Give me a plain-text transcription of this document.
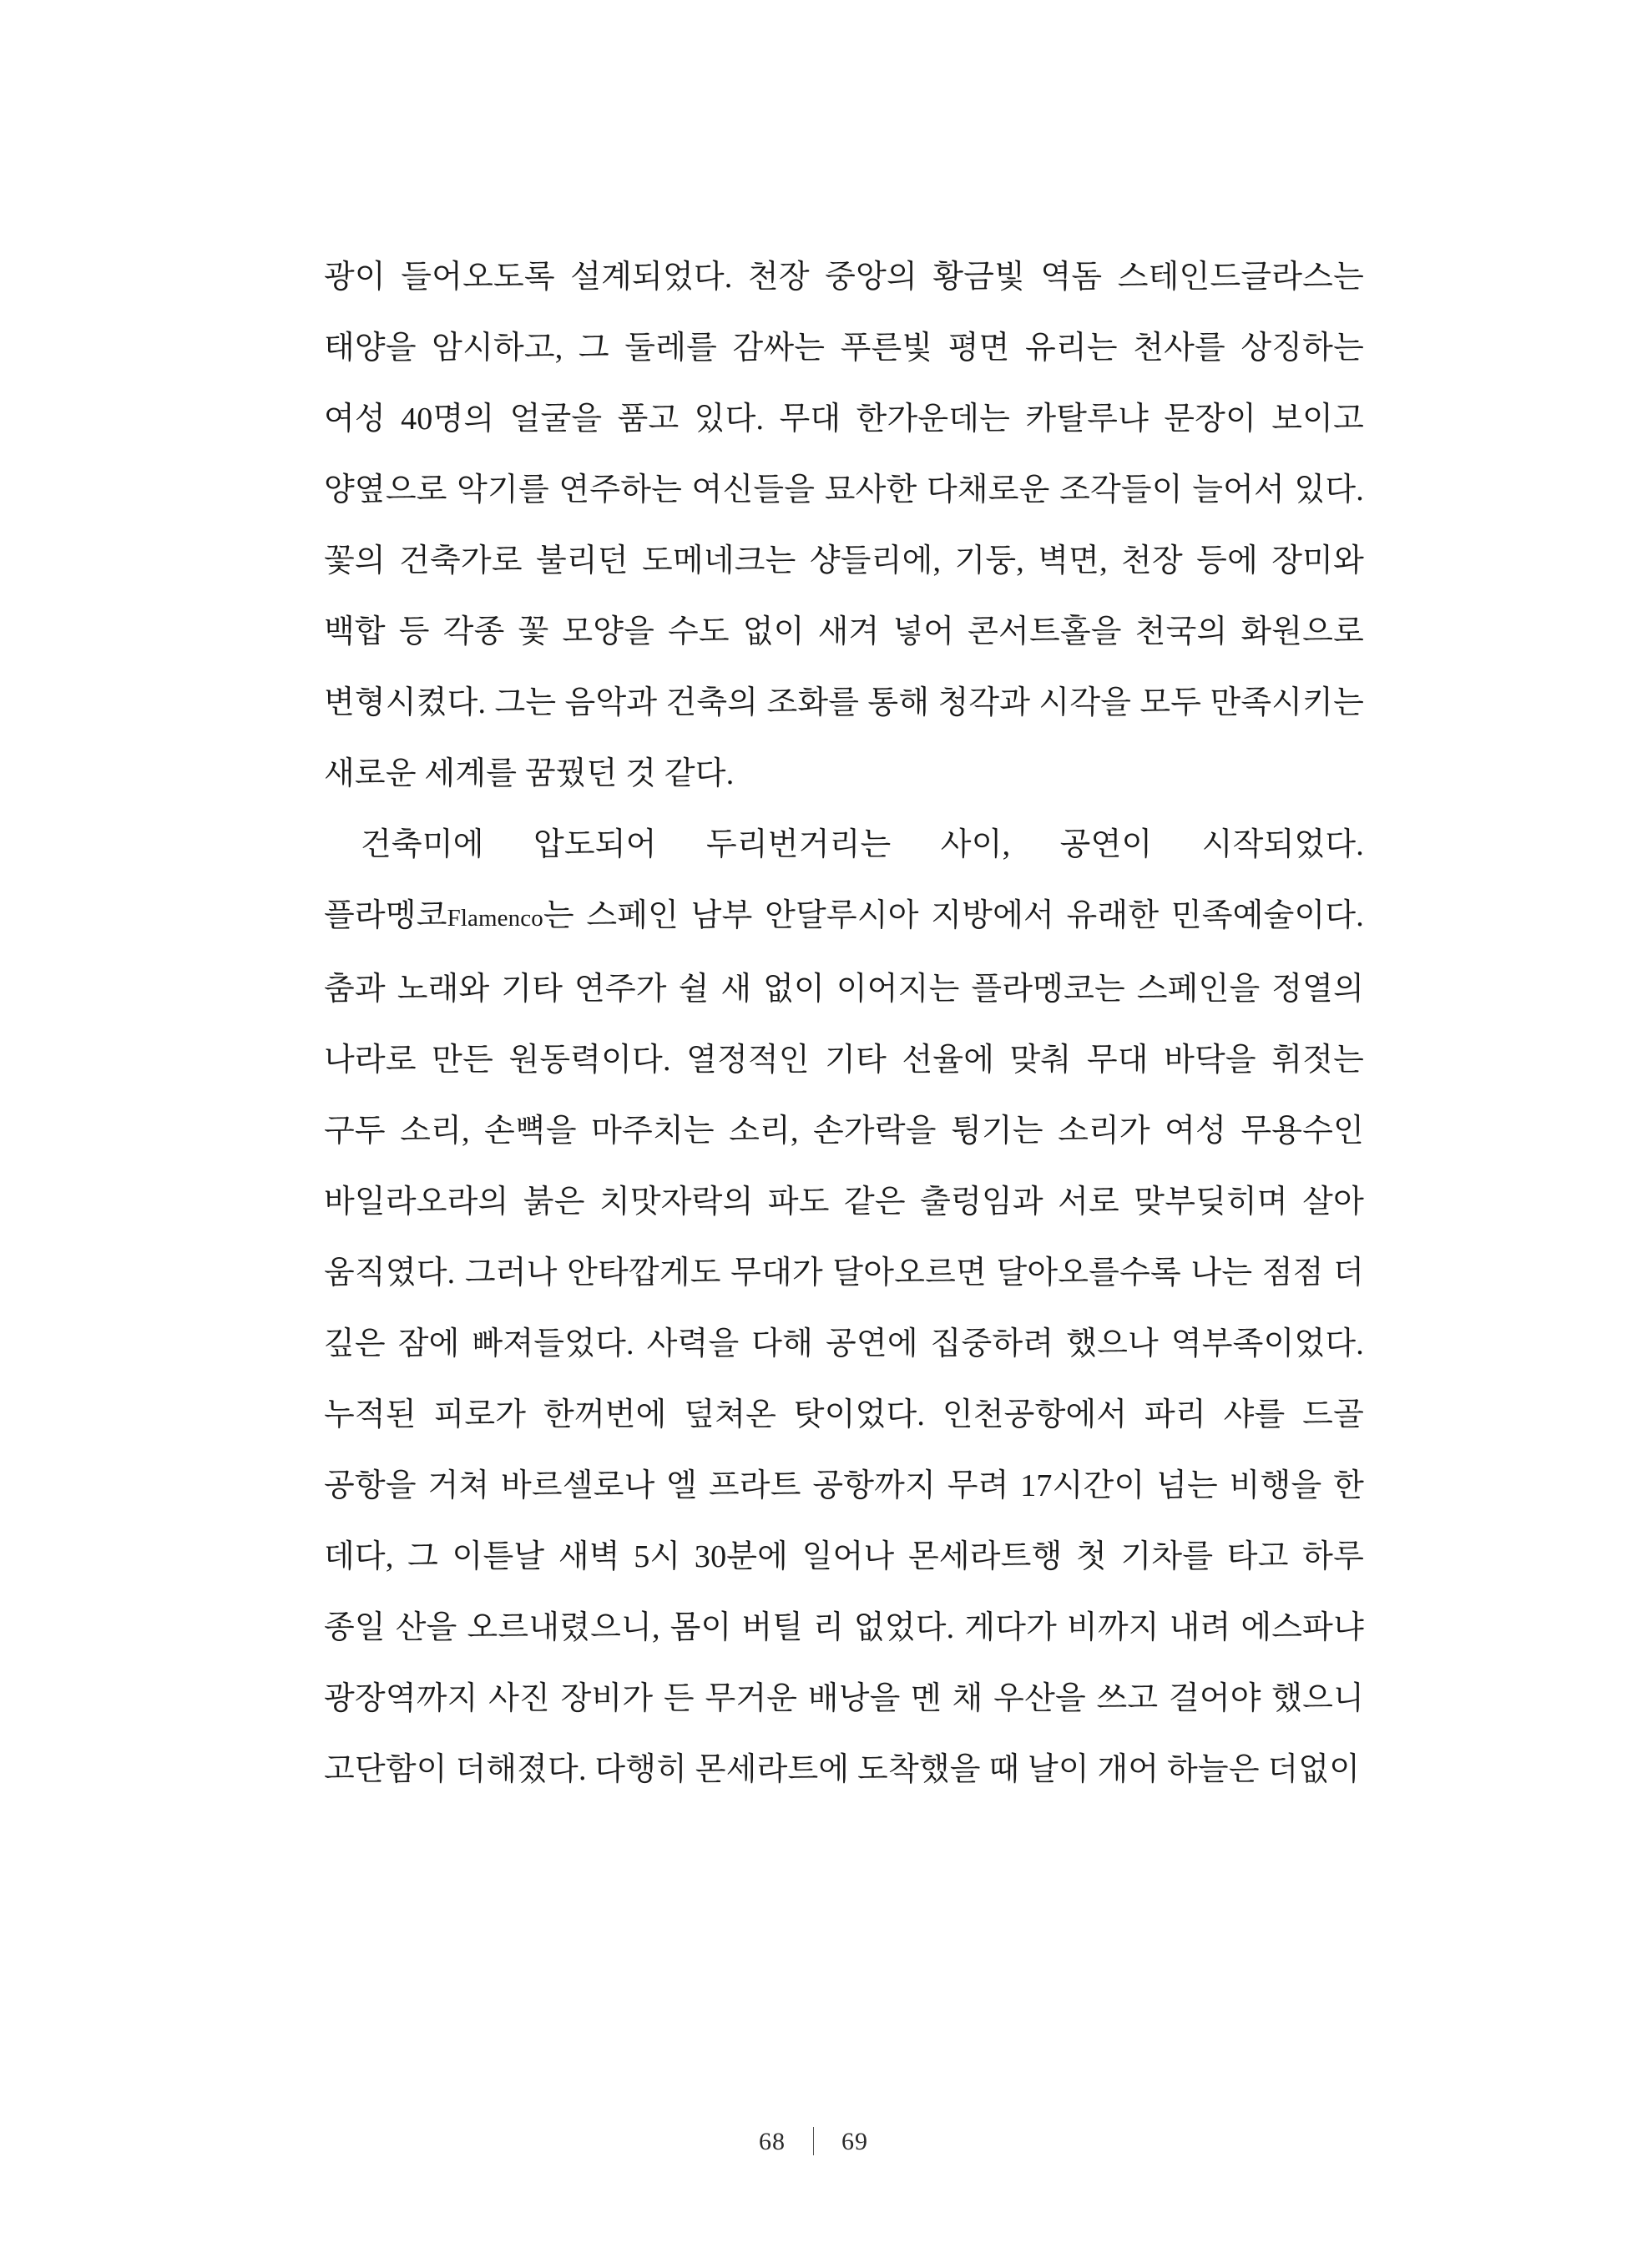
광이 들어오도록 설계되었다. 천장 중앙의 황금빛 역돔 스테인드글라스는 태양을 암시하고, 그 둘레를 감싸는 푸른빛 평면 유리는 천사를 상징하는 여성 40명의 얼굴을 품고 있다. 무대 한가운데는 카탈루냐 문장이 보이고 양옆으로 악기를 연주하는 여신들을 묘사한 다채로운 조각들이 늘어서 있다. 꽃의 건축가로 불리던 도메네크는 샹들리에, 기둥, 벽면, 천장 등에 장미와 백합 등 각종 꽃 모양을 수도 없이 새겨 넣어 콘서트홀을 천국의 화원으로 변형시켰다. 그는 음악과 건축의 조화를 통해 청각과 시각을 모두 만족시키는 새로운 세계를 꿈꿨던 것 같다.

건축미에 압도되어 두리번거리는 사이, 공연이 시작되었다. 플라멩코Flamenco는 스페인 남부 안달루시아 지방에서 유래한 민족예술이다. 춤과 노래와 기타 연주가 쉴 새 없이 이어지는 플라멩코는 스페인을 정열의 나라로 만든 원동력이다. 열정적인 기타 선율에 맞춰 무대 바닥을 휘젓는 구두 소리, 손뼉을 마주치는 소리, 손가락을 튕기는 소리가 여성 무용수인 바일라오라의 붉은 치맛자락의 파도 같은 출렁임과 서로 맞부딪히며 살아 움직였다. 그러나 안타깝게도 무대가 달아오르면 달아오를수록 나는 점점 더 깊은 잠에 빠져들었다. 사력을 다해 공연에 집중하려 했으나 역부족이었다. 누적된 피로가 한꺼번에 덮쳐온 탓이었다. 인천공항에서 파리 샤를 드골 공항을 거쳐 바르셀로나 엘 프라트 공항까지 무려 17시간이 넘는 비행을 한 데다, 그 이튿날 새벽 5시 30분에 일어나 몬세라트행 첫 기차를 타고 하루 종일 산을 오르내렸으니, 몸이 버틸 리 없었다. 게다가 비까지 내려 에스파냐 광장역까지 사진 장비가 든 무거운 배낭을 멘 채 우산을 쓰고 걸어야 했으니 고단함이 더해졌다. 다행히 몬세라트에 도착했을 때 날이 개어 하늘은 더없이

68 69
